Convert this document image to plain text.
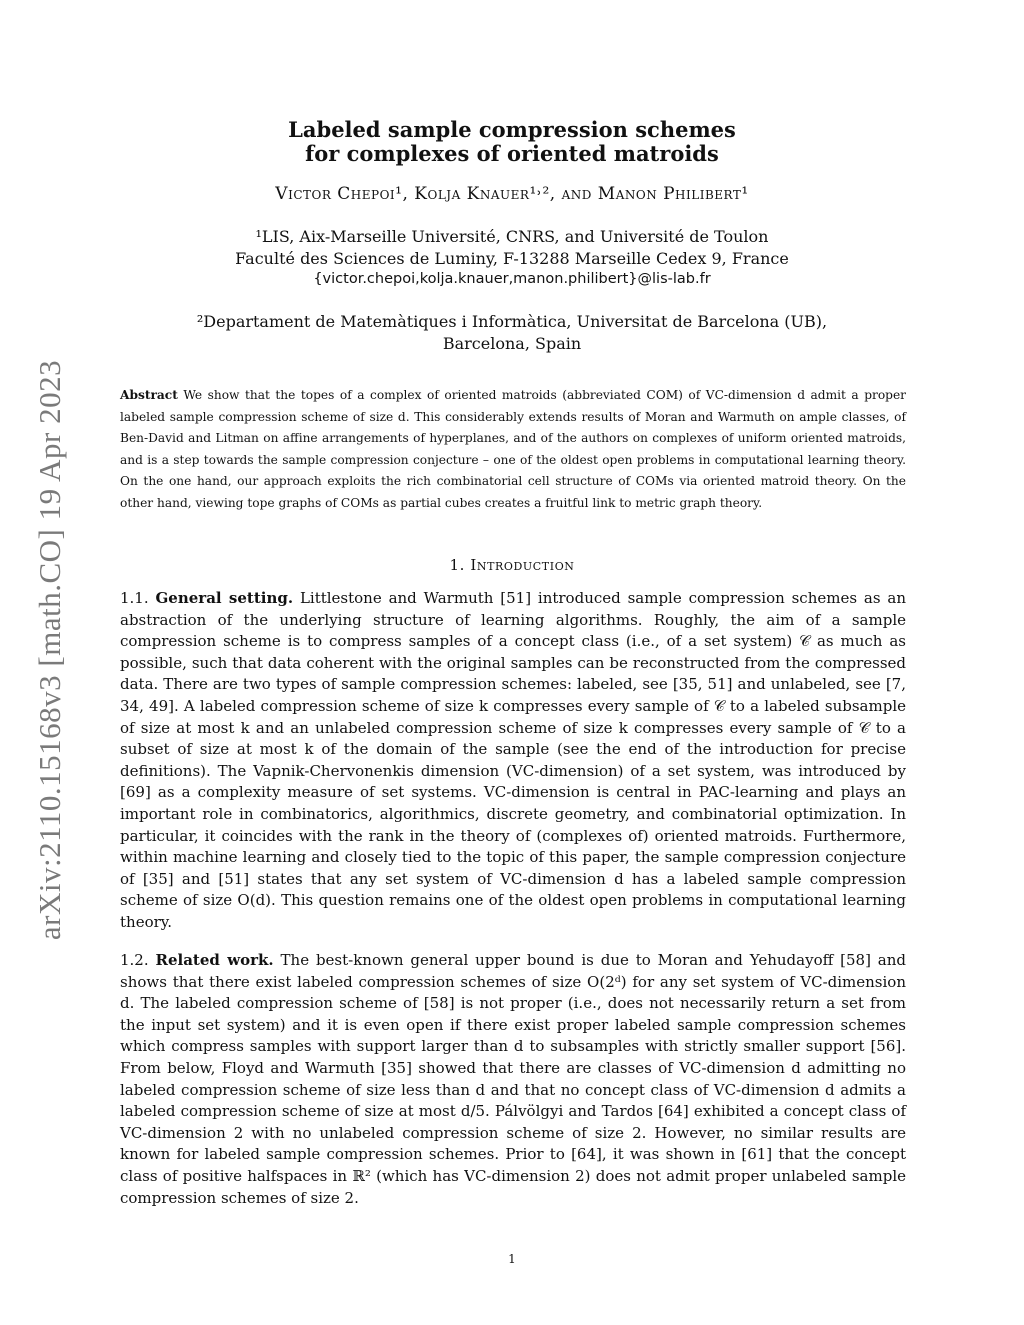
arXiv:2110.15168v3 [math.CO] 19 Apr 2023
Labeled sample compression schemes
for complexes of oriented matroids
Victor Chepoi¹, Kolja Knauer¹˒², and Manon Philibert¹
¹LIS, Aix-Marseille Université, CNRS, and Université de Toulon
Faculté des Sciences de Luminy, F-13288 Marseille Cedex 9, France
{victor.chepoi,kolja.knauer,manon.philibert}@lis-lab.fr
²Departament de Matemàtiques i Informàtica, Universitat de Barcelona (UB),
Barcelona, Spain
Abstract We show that the topes of a complex of oriented matroids (abbreviated COM) of VC-dimension d admit a proper labeled sample compression scheme of size d. This considerably extends results of Moran and Warmuth on ample classes, of Ben-David and Litman on affine arrangements of hyperplanes, and of the authors on complexes of uniform oriented matroids, and is a step towards the sample compression conjecture – one of the oldest open problems in computational learning theory. On the one hand, our approach exploits the rich combinatorial cell structure of COMs via oriented matroid theory. On the other hand, viewing tope graphs of COMs as partial cubes creates a fruitful link to metric graph theory.
1. Introduction
1.1. General setting. Littlestone and Warmuth [51] introduced sample compression schemes as an abstraction of the underlying structure of learning algorithms. Roughly, the aim of a sample compression scheme is to compress samples of a concept class (i.e., of a set system) 𝒞 as much as possible, such that data coherent with the original samples can be reconstructed from the compressed data. There are two types of sample compression schemes: labeled, see [35, 51] and unlabeled, see [7, 34, 49]. A labeled compression scheme of size k compresses every sample of 𝒞 to a labeled subsample of size at most k and an unlabeled compression scheme of size k compresses every sample of 𝒞 to a subset of size at most k of the domain of the sample (see the end of the introduction for precise definitions). The Vapnik-Chervonenkis dimension (VC-dimension) of a set system, was introduced by [69] as a complexity measure of set systems. VC-dimension is central in PAC-learning and plays an important role in combinatorics, algorithmics, discrete geometry, and combinatorial optimization. In particular, it coincides with the rank in the theory of (complexes of) oriented matroids. Furthermore, within machine learning and closely tied to the topic of this paper, the sample compression conjecture of [35] and [51] states that any set system of VC-dimension d has a labeled sample compression scheme of size O(d). This question remains one of the oldest open problems in computational learning theory.
1.2. Related work. The best-known general upper bound is due to Moran and Yehudayoff [58] and shows that there exist labeled compression schemes of size O(2ᵈ) for any set system of VC-dimension d. The labeled compression scheme of [58] is not proper (i.e., does not necessarily return a set from the input set system) and it is even open if there exist proper labeled sample compression schemes which compress samples with support larger than d to subsamples with strictly smaller support [56]. From below, Floyd and Warmuth [35] showed that there are classes of VC-dimension d admitting no labeled compression scheme of size less than d and that no concept class of VC-dimension d admits a labeled compression scheme of size at most d/5. Pálvölgyi and Tardos [64] exhibited a concept class of VC-dimension 2 with no unlabeled compression scheme of size 2. However, no similar results are known for labeled sample compression schemes. Prior to [64], it was shown in [61] that the concept class of positive halfspaces in ℝ² (which has VC-dimension 2) does not admit proper unlabeled sample compression schemes of size 2.
1
